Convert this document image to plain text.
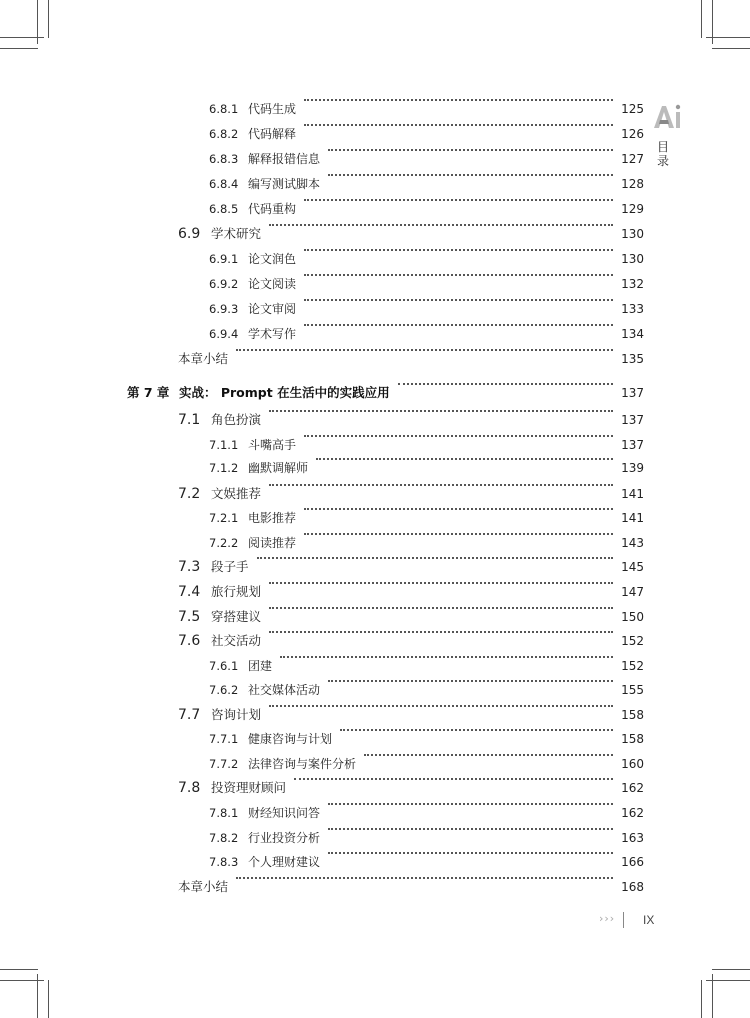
目录
6.8.1 代码生成	125
6.8.2 代码解释	126
6.8.3 解释报错信息	127
6.8.4 编写测试脚本	128
6.8.5 代码重构	129
6.9 学术研究	130
6.9.1 论文润色	130
6.9.2 论文阅读	132
6.9.3 论文审阅	133
6.9.4 学术写作	134
本章小结	135
第 7 章 实战： Prompt 在生活中的实践应用	137
7.1 角色扮演	137
7.1.1 斗嘴高手	137
7.1.2 幽默调解师	139
7.2 文娱推荐	141
7.2.1 电影推荐	141
7.2.2 阅读推荐	143
7.3 段子手	145
7.4 旅行规划	147
7.5 穿搭建议	150
7.6 社交活动	152
7.6.1 团建	152
7.6.2 社交媒体活动	155
7.7 咨询计划	158
7.7.1 健康咨询与计划	158
7.7.2 法律咨询与案件分析	160
7.8 投资理财顾问	162
7.8.1 财经知识问答	162
7.8.2 行业投资分析	163
7.8.3 个人理财建议	166
本章小结	168
››› IX
